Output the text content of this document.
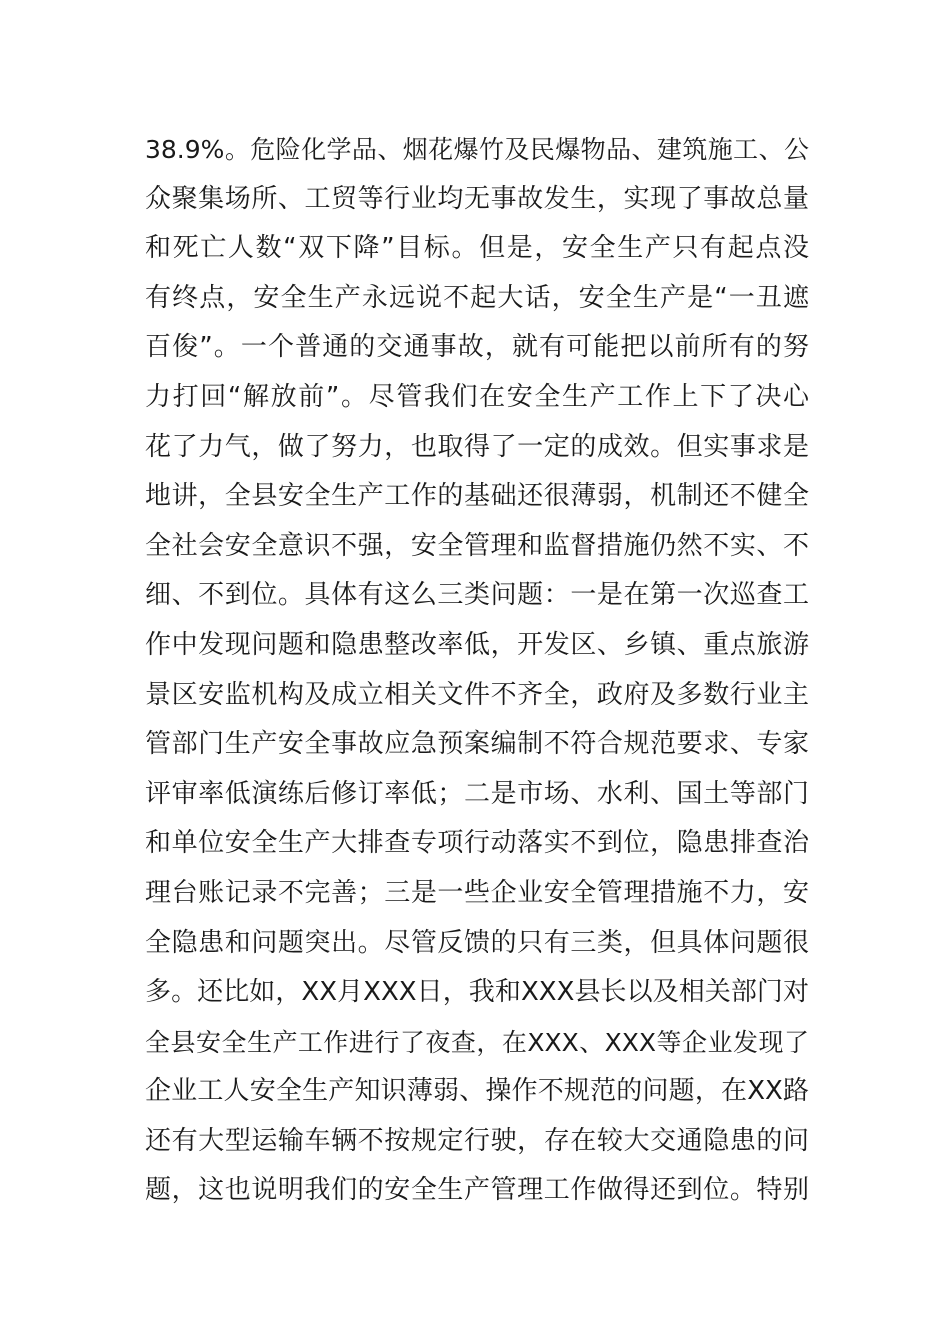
38.9%。危险化学品、烟花爆竹及民爆物品、建筑施工、公
众聚集场所、工贸等行业均无事故发生，实现了事故总量
和死亡人数“双下降”目标。但是，安全生产只有起点没
有终点，安全生产永远说不起大话，安全生产是“一丑遮
百俊”。一个普通的交通事故，就有可能把以前所有的努
力打回“解放前”。尽管我们在安全生产工作上下了决心
花了力气，做了努力，也取得了一定的成效。但实事求是
地讲，全县安全生产工作的基础还很薄弱，机制还不健全
全社会安全意识不强，安全管理和监督措施仍然不实、不
细、不到位。具体有这么三类问题：一是在第一次巡查工
作中发现问题和隐患整改率低，开发区、乡镇、重点旅游
景区安监机构及成立相关文件不齐全，政府及多数行业主
管部门生产安全事故应急预案编制不符合规范要求、专家
评审率低演练后修订率低；二是市场、水利、国土等部门
和单位安全生产大排查专项行动落实不到位，隐患排查治
理台账记录不完善；三是一些企业安全管理措施不力，安
全隐患和问题突出。尽管反馈的只有三类，但具体问题很
多。还比如，XX月XXX日，我和XXX县长以及相关部门对
全县安全生产工作进行了夜查，在XXX、XXX等企业发现了
企业工人安全生产知识薄弱、操作不规范的问题，在XX路
还有大型运输车辆不按规定行驶，存在较大交通隐患的问
题，这也说明我们的安全生产管理工作做得还到位。特别
